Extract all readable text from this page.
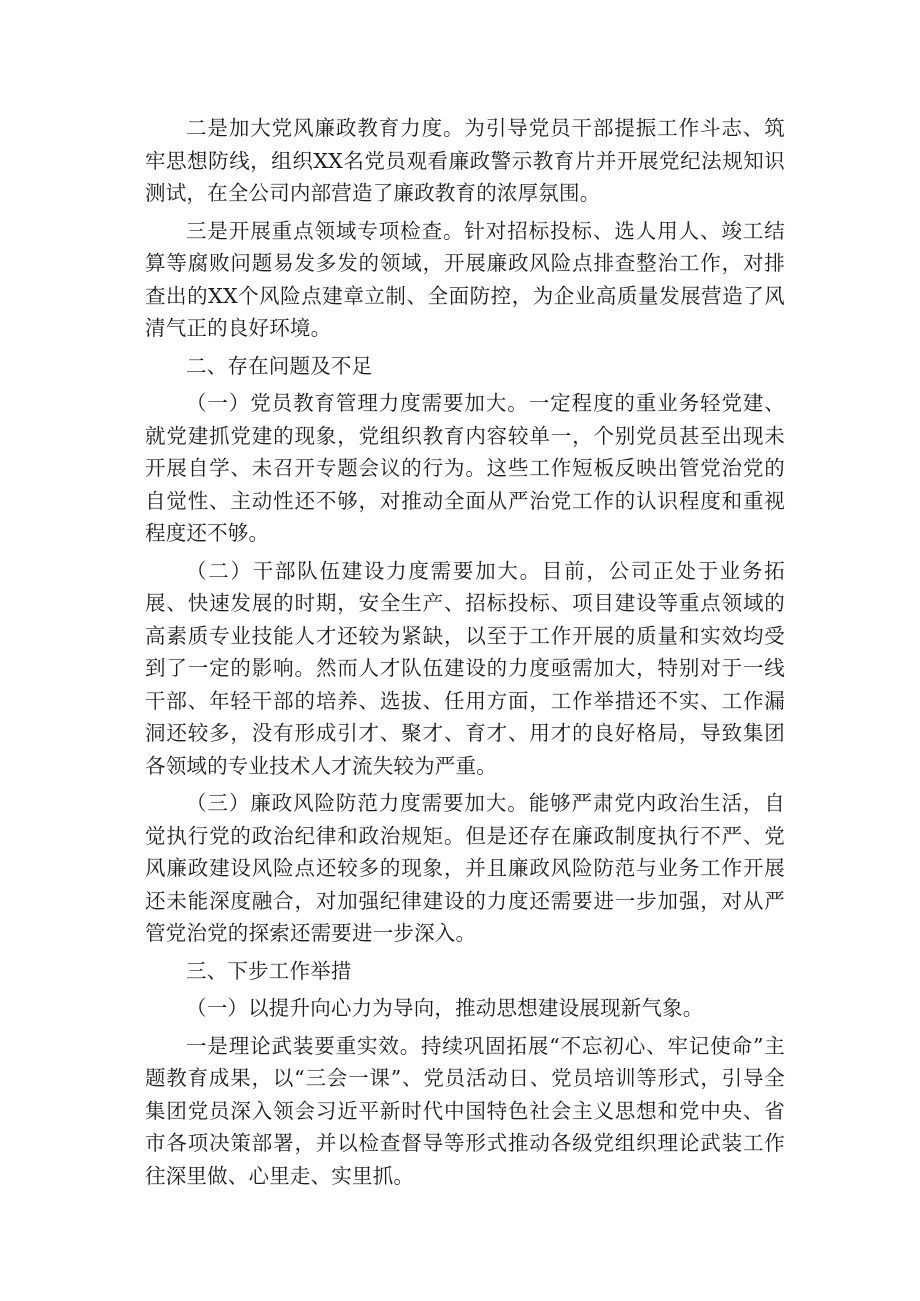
二是加大党风廉政教育力度。为引导党员干部提振工作斗志、筑牢思想防线，组织XX名党员观看廉政警示教育片并开展党纪法规知识测试，在全公司内部营造了廉政教育的浓厚氛围。

三是开展重点领域专项检查。针对招标投标、选人用人、竣工结算等腐败问题易发多发的领域，开展廉政风险点排查整治工作，对排查出的XX个风险点建章立制、全面防控，为企业高质量发展营造了风清气正的良好环境。

二、存在问题及不足

（一）党员教育管理力度需要加大。一定程度的重业务轻党建、就党建抓党建的现象，党组织教育内容较单一，个别党员甚至出现未开展自学、未召开专题会议的行为。这些工作短板反映出管党治党的自觉性、主动性还不够，对推动全面从严治党工作的认识程度和重视程度还不够。

（二）干部队伍建设力度需要加大。目前，公司正处于业务拓展、快速发展的时期，安全生产、招标投标、项目建设等重点领域的高素质专业技能人才还较为紧缺，以至于工作开展的质量和实效均受到了一定的影响。然而人才队伍建设的力度亟需加大，特别对于一线干部、年轻干部的培养、选拔、任用方面，工作举措还不实、工作漏洞还较多，没有形成引才、聚才、育才、用才的良好格局，导致集团各领域的专业技术人才流失较为严重。

（三）廉政风险防范力度需要加大。能够严肃党内政治生活，自觉执行党的政治纪律和政治规矩。但是还存在廉政制度执行不严、党风廉政建设风险点还较多的现象，并且廉政风险防范与业务工作开展还未能深度融合，对加强纪律建设的力度还需要进一步加强，对从严管党治党的探索还需要进一步深入。

三、下步工作举措

（一）以提升向心力为导向，推动思想建设展现新气象。

一是理论武装要重实效。持续巩固拓展“不忘初心、牢记使命”主题教育成果，以“三会一课”、党员活动日、党员培训等形式，引导全集团党员深入领会习近平新时代中国特色社会主义思想和党中央、省市各项决策部署，并以检查督导等形式推动各级党组织理论武装工作往深里做、心里走、实里抓。
